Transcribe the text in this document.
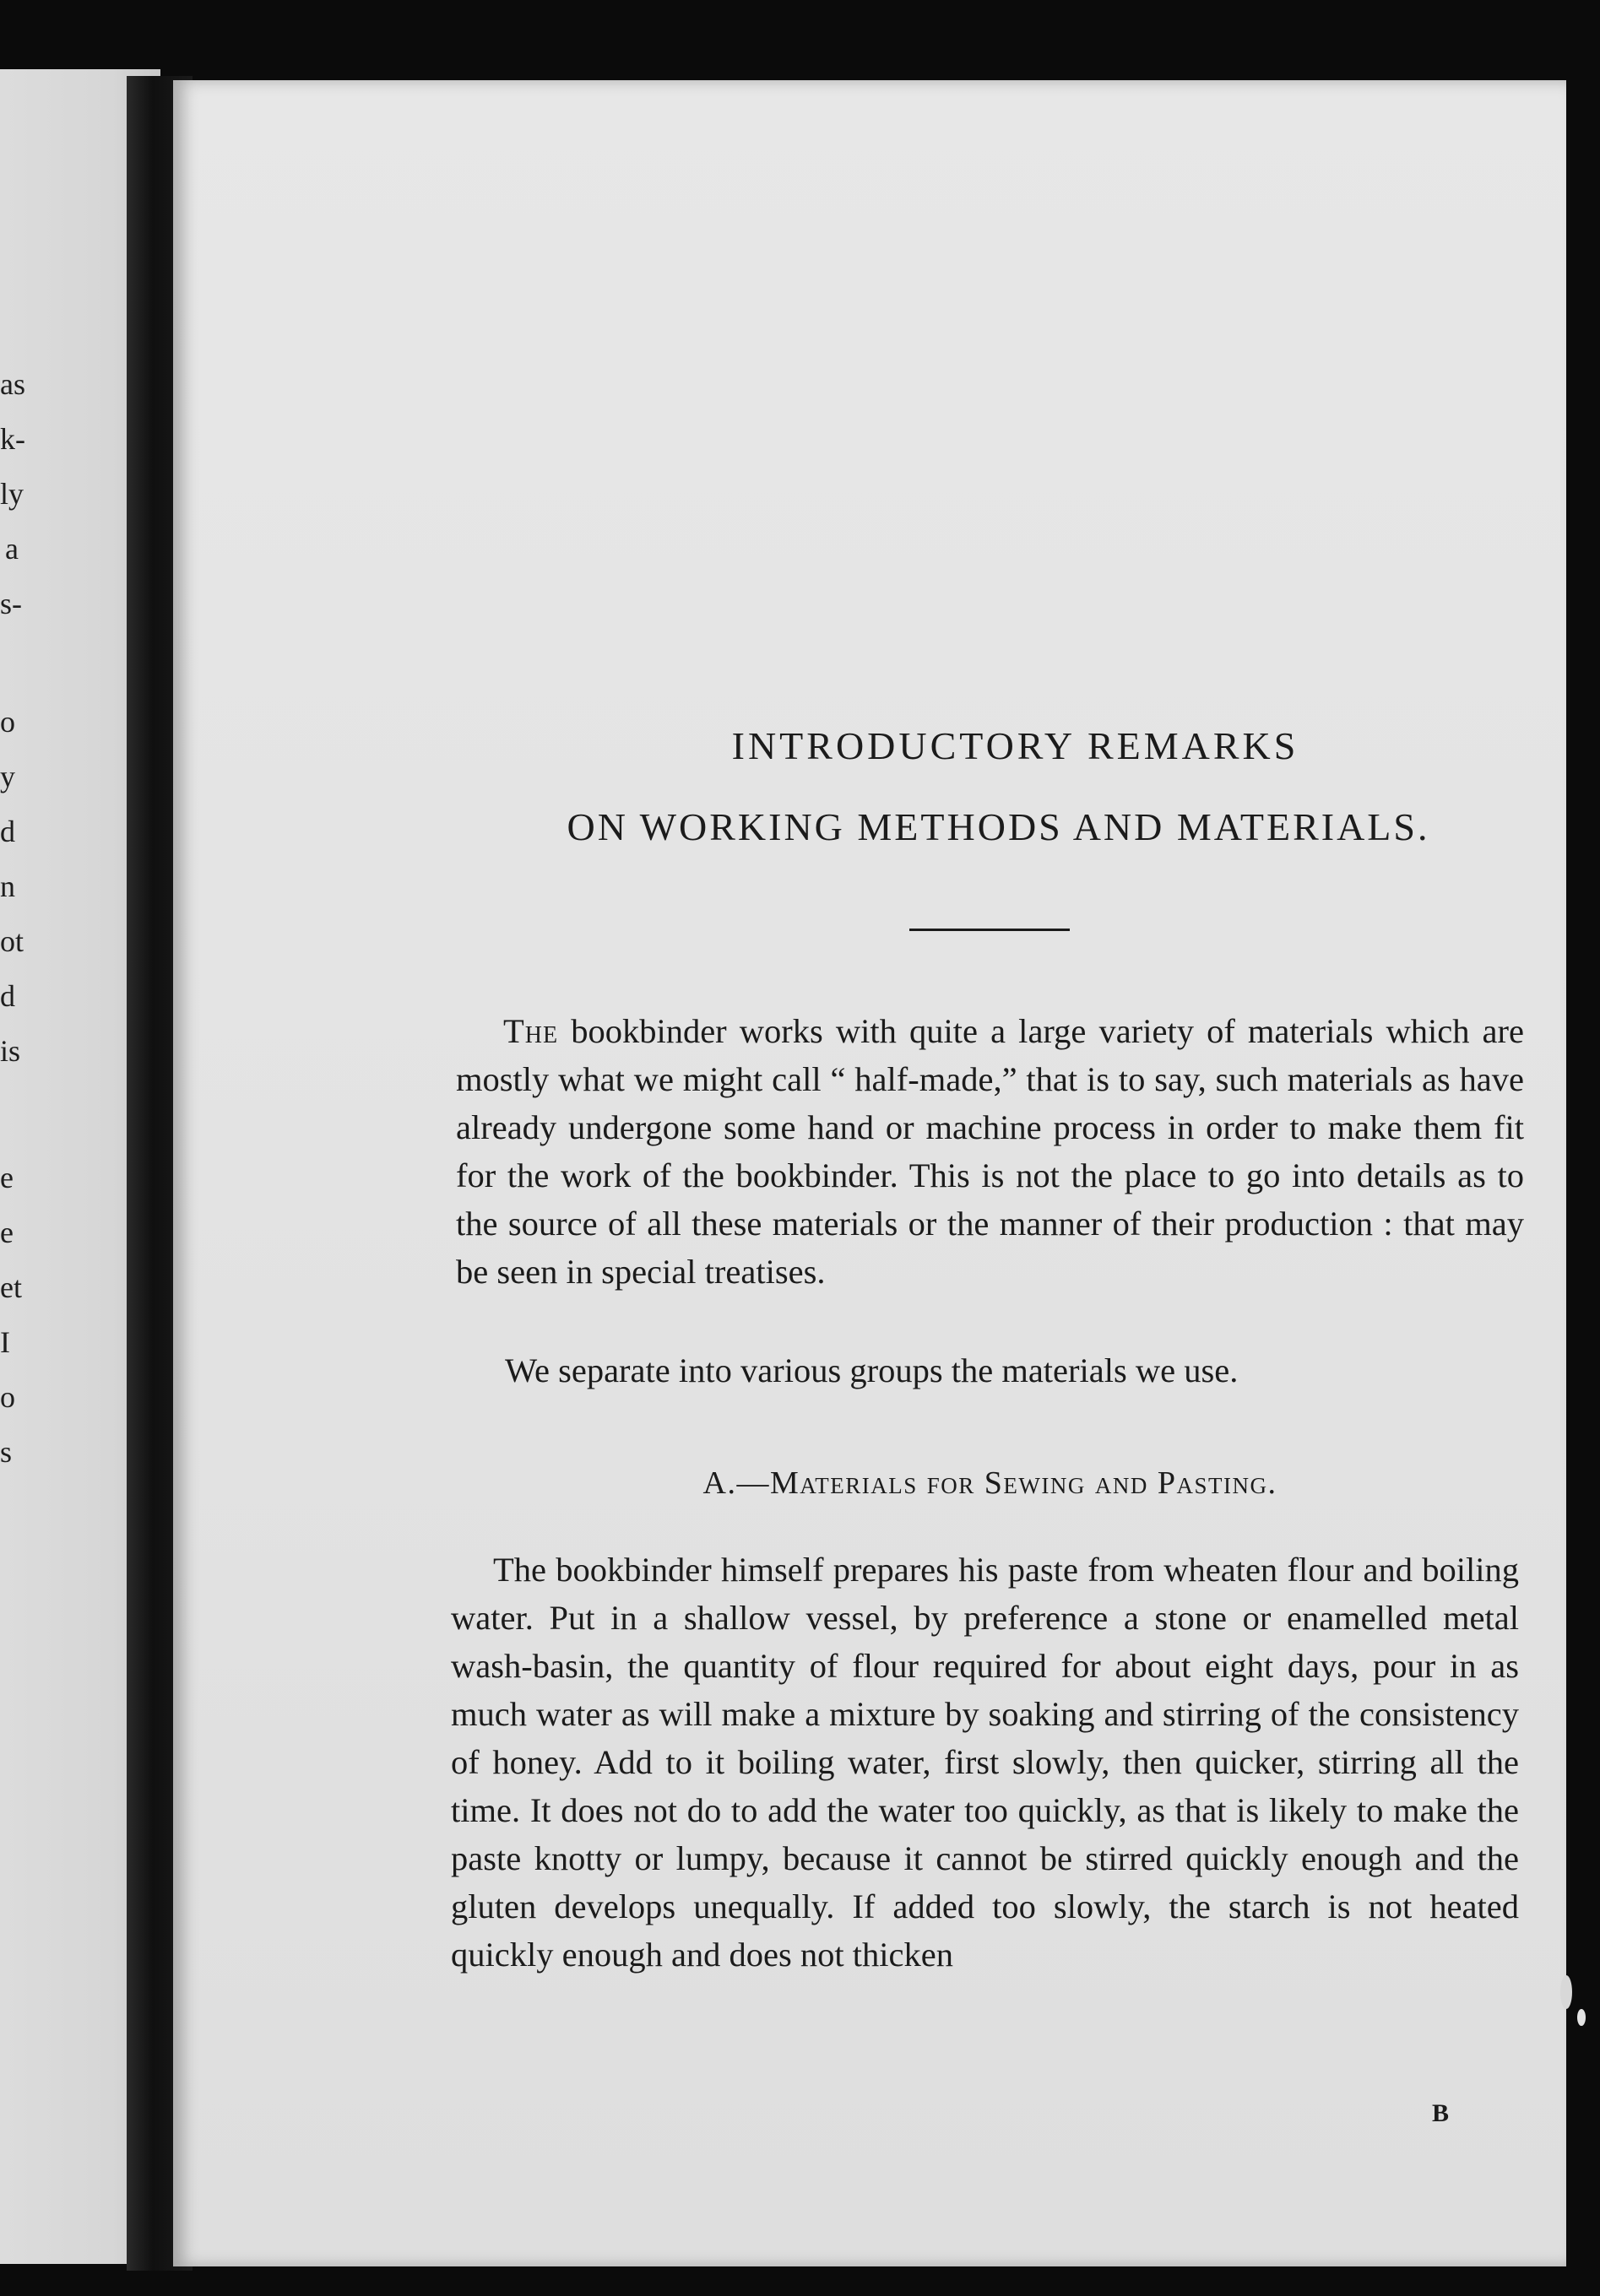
as
k-
ly
a
s-
o
y
d
n
ot
d
is
e
e
et
I
o
s
INTRODUCTORY REMARKS
ON WORKING METHODS AND MATERIALS.

The bookbinder works with quite a large variety of materials which are mostly what we might call “ half-made,” that is to say, such materials as have already undergone some hand or machine process in order to make them fit for the work of the bookbinder. This is not the place to go into details as to the source of all these materials or the manner of their production : that may be seen in special treatises.

We separate into various groups the materials we use.

A.—Materials for Sewing and Pasting.

The bookbinder himself prepares his paste from wheaten flour and boiling water. Put in a shallow vessel, by preference a stone or enamelled metal wash-basin, the quantity of flour required for about eight days, pour in as much water as will make a mixture by soaking and stirring of the consistency of honey. Add to it boiling water, first slowly, then quicker, stirring all the time. It does not do to add the water too quickly, as that is likely to make the paste knotty or lumpy, because it cannot be stirred quickly enough and the gluten develops unequally. If added too slowly, the starch is not heated quickly enough and does not thicken

B
